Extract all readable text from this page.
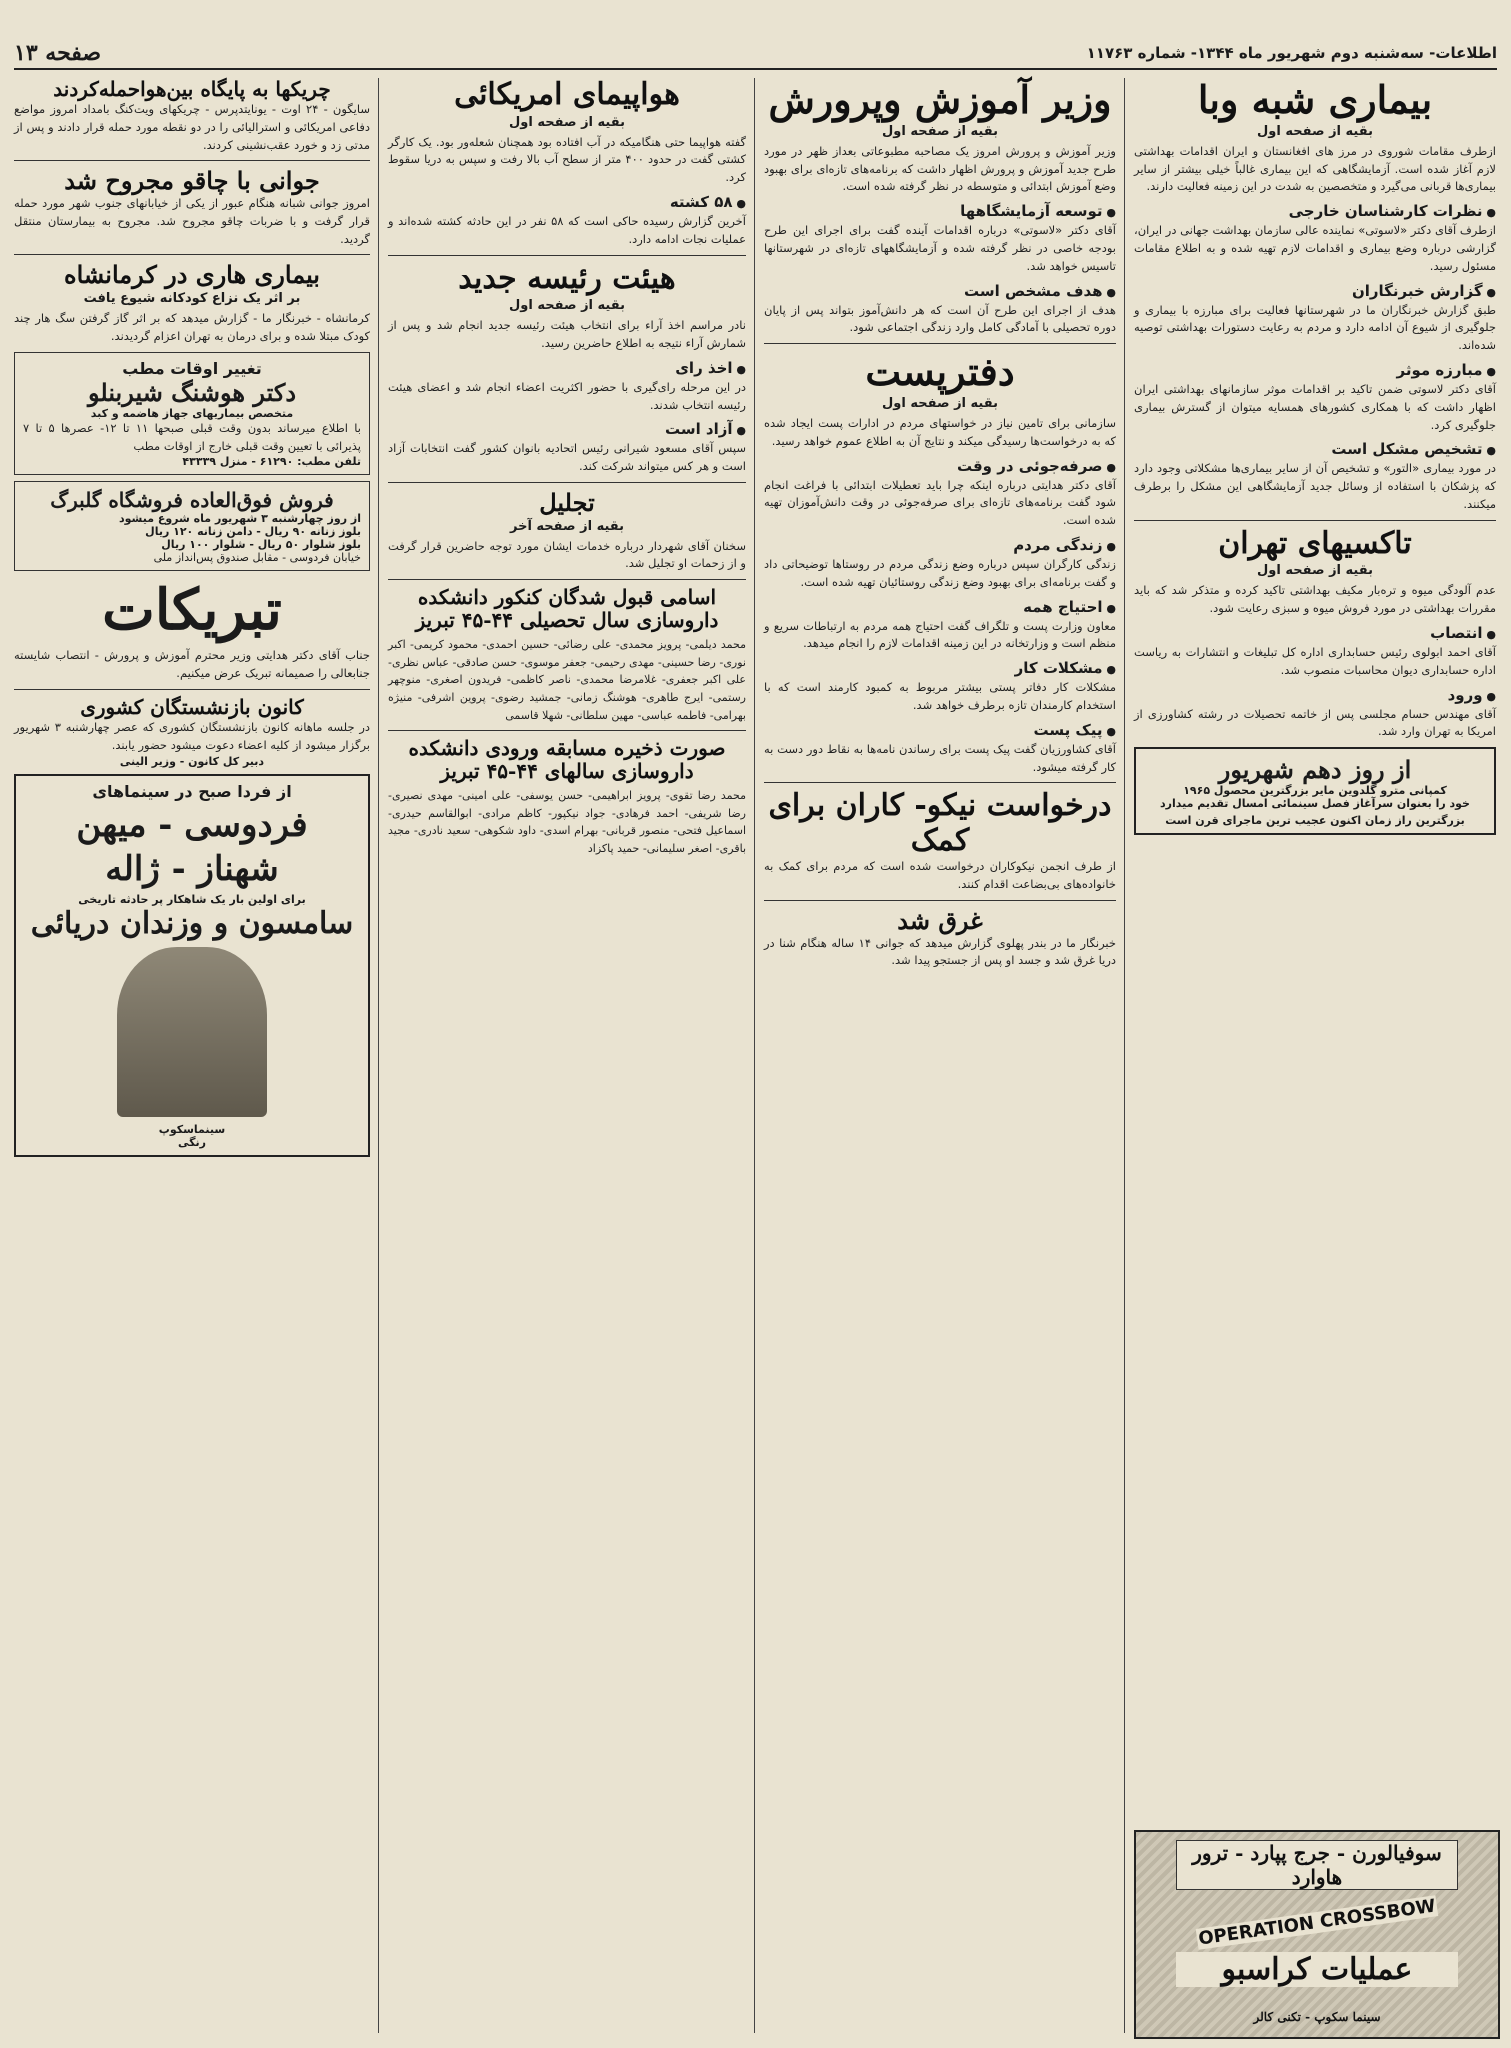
اطلاعات- سه‌شنبه دوم شهریور ماه ۱۳۴۴- شماره ۱۱۷۶۳
صفحه ۱۳
بیماری شبه وبا
بقیه از صفحه اول
ازطرف مقامات شوروی در مرز های افغانستان و ایران اقدامات بهداشتی لازم آغاز شده است. آزمایشگاهی که این بیماری غالباً خیلی بیشتر از سایر بیماری‌ها قربانی می‌گیرد و متخصصین به شدت در این زمینه فعالیت دارند.
● نظرات کارشناسان خارجی
ازطرف آقای دکتر «لاسوتی» نماینده عالی سازمان بهداشت جهانی در ایران، گزارشی درباره وضع بیماری و اقدامات لازم تهیه شده و به اطلاع مقامات مسئول رسید.
● گزارش خبرنگاران
طبق گزارش خبرنگاران ما در شهرستانها فعالیت برای مبارزه با بیماری و جلوگیری از شیوع آن ادامه دارد و مردم به رعایت دستورات بهداشتی توصیه شده‌اند.
● مبارزه موثر
آقای دکتر لاسوتی ضمن تاکید بر اقدامات موثر سازمانهای بهداشتی ایران اظهار داشت که با همکاری کشورهای همسایه میتوان از گسترش بیماری جلوگیری کرد.
● تشخیص مشکل است
در مورد بیماری «التور» و تشخیص آن از سایر بیماری‌ها مشکلاتی وجود دارد که پزشکان با استفاده از وسائل جدید آزمایشگاهی این مشکل را برطرف میکنند.
تاکسیهای تهران
بقیه از صفحه اول
عدم آلودگی میوه و تره‌بار مکیف بهداشتی تاکید کرده و متذکر شد که باید مقررات بهداشتی در مورد فروش میوه و سبزی رعایت شود.
● انتصاب
آقای احمد ابولوی رئیس حسابداری اداره کل تبلیغات و انتشارات به ریاست اداره حسابداری دیوان محاسبات منصوب شد.
● ورود
آقای مهندس حسام مجلسی پس از خاتمه تحصیلات در رشته کشاورزی از امریکا به تهران وارد شد.
از روز دهم شهریور
کمپانی مترو گلدوین مایر بزرگترین محصول ۱۹۶۵
خود را بعنوان سرآغاز فصل سینمائی امسال تقدیم میدارد
بزرگترین راز زمان اکنون عجیب ترین ماجرای قرن است
سوفیالورن - جرج پپارد - ترور هاوارد
OPERATION CROSSBOW
عملیات کراسبو
سینما سکوپ - تکنی کالر
وزیر آموزش وپرورش
بقیه از صفحه اول
وزیر آموزش و پرورش امروز یک مصاحبه مطبوعاتی بعداز ظهر در مورد طرح جدید آموزش و پرورش اظهار داشت که برنامه‌های تازه‌ای برای بهبود وضع آموزش ابتدائی و متوسطه در نظر گرفته شده است.
● توسعه آزمایشگاهها
آقای دکتر «لاسوتی» درباره اقدامات آینده گفت برای اجرای این طرح بودجه خاصی در نظر گرفته شده و آزمایشگاههای تازه‌ای در شهرستانها تاسیس خواهد شد.
● هدف مشخص است
هدف از اجرای این طرح آن است که هر دانش‌آموز بتواند پس از پایان دوره تحصیلی با آمادگی کامل وارد زندگی اجتماعی شود.
دفترپست
بقیه از صفحه اول
سازمانی برای تامین نیاز در خواستهای مردم در ادارات پست ایجاد شده که به درخواست‌ها رسیدگی میکند و نتایج آن به اطلاع عموم خواهد رسید.
● صرفه‌جوئی در وقت
آقای دکتر هدایتی درباره اینکه چرا باید تعطیلات ابتدائی با فراغت انجام شود گفت برنامه‌های تازه‌ای برای صرفه‌جوئی در وقت دانش‌آموزان تهیه شده است.
● زندگی مردم
زندگی کارگران سپس درباره وضع زندگی مردم در روستاها توضیحاتی داد و گفت برنامه‌ای برای بهبود وضع زندگی روستائیان تهیه شده است.
● احتیاج همه
معاون وزارت پست و تلگراف گفت احتیاج همه مردم به ارتباطات سریع و منظم است و وزارتخانه در این زمینه اقدامات لازم را انجام میدهد.
● مشکلات کار
مشکلات کار دفاتر پستی بیشتر مربوط به کمبود کارمند است که با استخدام کارمندان تازه برطرف خواهد شد.
● پیک پست
آقای کشاورزیان گفت پیک پست برای رساندن نامه‌ها به نقاط دور دست به کار گرفته میشود.
درخواست نیکو- کاران برای کمک
از طرف انجمن نیکوکاران درخواست شده است که مردم برای کمک به خانواده‌های بی‌بضاعت اقدام کنند.
غرق شد
خبرنگار ما در بندر پهلوی گزارش میدهد که جوانی ۱۴ ساله هنگام شنا در دریا غرق شد و جسد او پس از جستجو پیدا شد.
هواپیمای امریکائی
بقیه از صفحه اول
گفته هواپیما حتی هنگامیکه در آب افتاده بود همچنان شعله‌ور بود. یک کارگر کشتی گفت در حدود ۴۰۰ متر از سطح آب بالا رفت و سپس به دریا سقوط کرد.
● ۵۸ کشته
آخرین گزارش رسیده حاکی است که ۵۸ نفر در این حادثه کشته شده‌اند و عملیات نجات ادامه دارد.
هیئت رئیسه جدید
بقیه از صفحه اول
نادر مراسم اخذ آراء برای انتخاب هیئت رئیسه جدید انجام شد و پس از شمارش آراء نتیجه به اطلاع حاضرین رسید.
● اخذ رای
در این مرحله رای‌گیری با حضور اکثریت اعضاء انجام شد و اعضای هیئت رئیسه انتخاب شدند.
● آزاد است
سپس آقای مسعود شیرانی رئیس اتحادیه بانوان کشور گفت انتخابات آزاد است و هر کس میتواند شرکت کند.
تجلیل
بقیه از صفحه آخر
سخنان آقای شهردار درباره خدمات ایشان مورد توجه حاضرین قرار گرفت و از زحمات او تجلیل شد.
اسامی قبول شدگان کنکور دانشکده داروسازی سال تحصیلی ۴۴-۴۵ تبریز
محمد دیلمی- پرویز محمدی- علی رضائی- حسین احمدی- محمود کریمی- اکبر نوری- رضا حسینی- مهدی رحیمی- جعفر موسوی- حسن صادقی- عباس نظری- علی اکبر جعفری- غلامرضا محمدی- ناصر کاظمی- فریدون اصغری- منوچهر رستمی- ایرج طاهری- هوشنگ زمانی- جمشید رضوی- پروین اشرفی- منیژه بهرامی- فاطمه عباسی- مهین سلطانی- شهلا قاسمی
صورت ذخیره مسابقه ورودی دانشکده داروسازی سالهای ۴۴-۴۵ تبریز
محمد رضا تقوی- پرویز ابراهیمی- حسن یوسفی- علی امینی- مهدی نصیری- رضا شریفی- احمد فرهادی- جواد نیکپور- کاظم مرادی- ابوالقاسم حیدری- اسماعیل فتحی- منصور قربانی- بهرام اسدی- داود شکوهی- سعید نادری- مجید باقری- اصغر سلیمانی- حمید پاکزاد
چریکها به پایگاه بین‌هواحمله‌کردند
سایگون - ۲۴ اوت - یونایتدپرس - چریکهای ویت‌کنگ بامداد امروز مواضع دفاعی امریکائی و استرالیائی را در دو نقطه مورد حمله قرار دادند و پس از مدتی زد و خورد عقب‌نشینی کردند.
جوانی با چاقو مجروح شد
امروز جوانی شبانه هنگام عبور از یکی از خیابانهای جنوب شهر مورد حمله قرار گرفت و با ضربات چاقو مجروح شد. مجروح به بیمارستان منتقل گردید.
بیماری هاری در کرمانشاه
بر اثر یک نزاع کودکانه شیوع یافت
کرمانشاه - خبرنگار ما - گزارش میدهد که بر اثر گاز گرفتن سگ هار چند کودک مبتلا شده و برای درمان به تهران اعزام گردیدند.
تغییر اوقات مطب
دکتر هوشنگ شیربنلو
متخصص بیماریهای جهاز هاضمه و کبد
با اطلاع میرساند بدون وقت قبلی صبحها ۱۱ تا ۱۲- عصرها ۵ تا ۷ پذیرائی با تعیین وقت قبلی خارج از اوقات مطب
تلفن مطب: ۶۱۲۹۰ - منزل ۴۳۳۳۹
فروش فوق‌العاده فروشگاه گلبرگ
از روز چهارشنبه ۳ شهریور ماه شروع میشود
بلوز زنانه ۹۰ ریال - دامن زنانه ۱۲۰ ریال
بلوز شلوار ۵۰ ریال - شلوار ۱۰۰ ریال
خیابان فردوسی - مقابل صندوق پس‌انداز ملی
تبریکات
جناب آقای دکتر هدایتی وزیر محترم آموزش و پرورش - انتصاب شایسته جنابعالی را صمیمانه تبریک عرض میکنیم.
کانون بازنشستگان کشوری
در جلسه ماهانه کانون بازنشستگان کشوری که عصر چهارشنبه ۳ شهریور برگزار میشود از کلیه اعضاء دعوت میشود حضور یابند.
دبیر کل کانون - وزیر الینی
از فردا صبح در سینماهای
فردوسی - میهن
شهناز - ژاله
برای اولین بار یک شاهکار پر حادثه تاریخی
سامسون و وزندان دریائی
سینماسکوپ
رنگی
